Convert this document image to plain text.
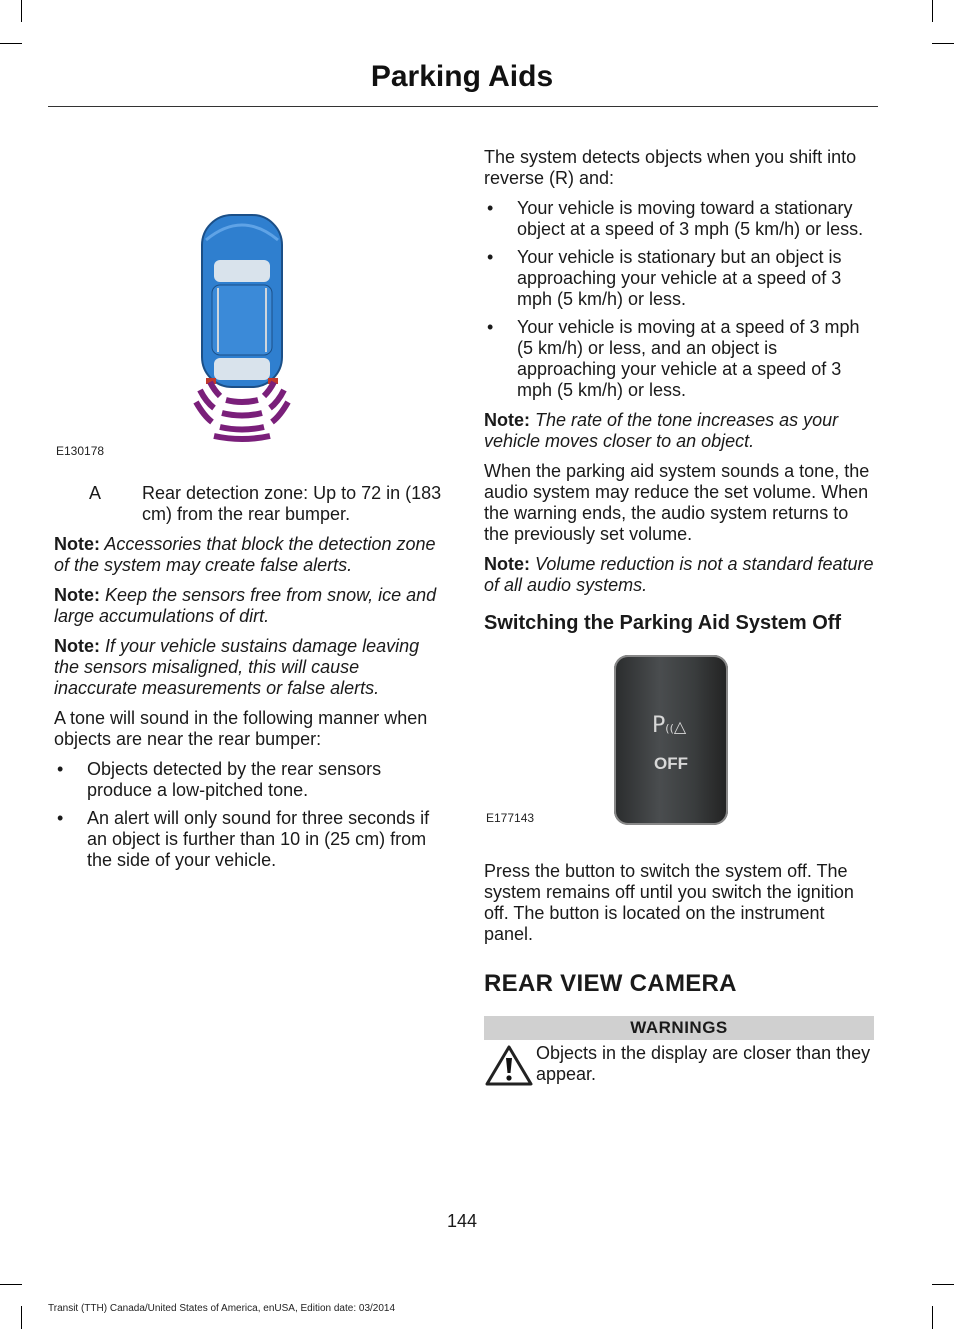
Parking Aids
E130178
A	Rear detection zone: Up to 72 in (183 cm) from the rear bumper.

Note: Accessories that block the detection zone of the system may create false alerts.

Note: Keep the sensors free from snow, ice and large accumulations of dirt.

Note: If your vehicle sustains damage leaving the sensors misaligned, this will cause inaccurate measurements or false alerts.

A tone will sound in the following manner when objects are near the rear bumper:

• Objects detected by the rear sensors produce a low-pitched tone.
• An alert will only sound for three seconds if an object is further than 10 in (25 cm) from the side of your vehicle.

The system detects objects when you shift into reverse (R) and:

• Your vehicle is moving toward a stationary object at a speed of 3 mph (5 km/h) or less.
• Your vehicle is stationary but an object is approaching your vehicle at a speed of 3 mph (5 km/h) or less.
• Your vehicle is moving at a speed of 3 mph (5 km/h) or less, and an object is approaching your vehicle at a speed of 3 mph (5 km/h) or less.

Note: The rate of the tone increases as your vehicle moves closer to an object.

When the parking aid system sounds a tone, the audio system may reduce the set volume. When the warning ends, the audio system returns to the previously set volume.

Note: Volume reduction is not a standard feature of all audio systems.

Switching the Parking Aid System Off
P((△
OFF
E177143

Press the button to switch the system off. The system remains off until you switch the ignition off. The button is located on the instrument panel.

REAR VIEW CAMERA
WARNINGS
Objects in the display are closer than they appear.
144
Transit (TTH) Canada/United States of America, enUSA, Edition date: 03/2014
